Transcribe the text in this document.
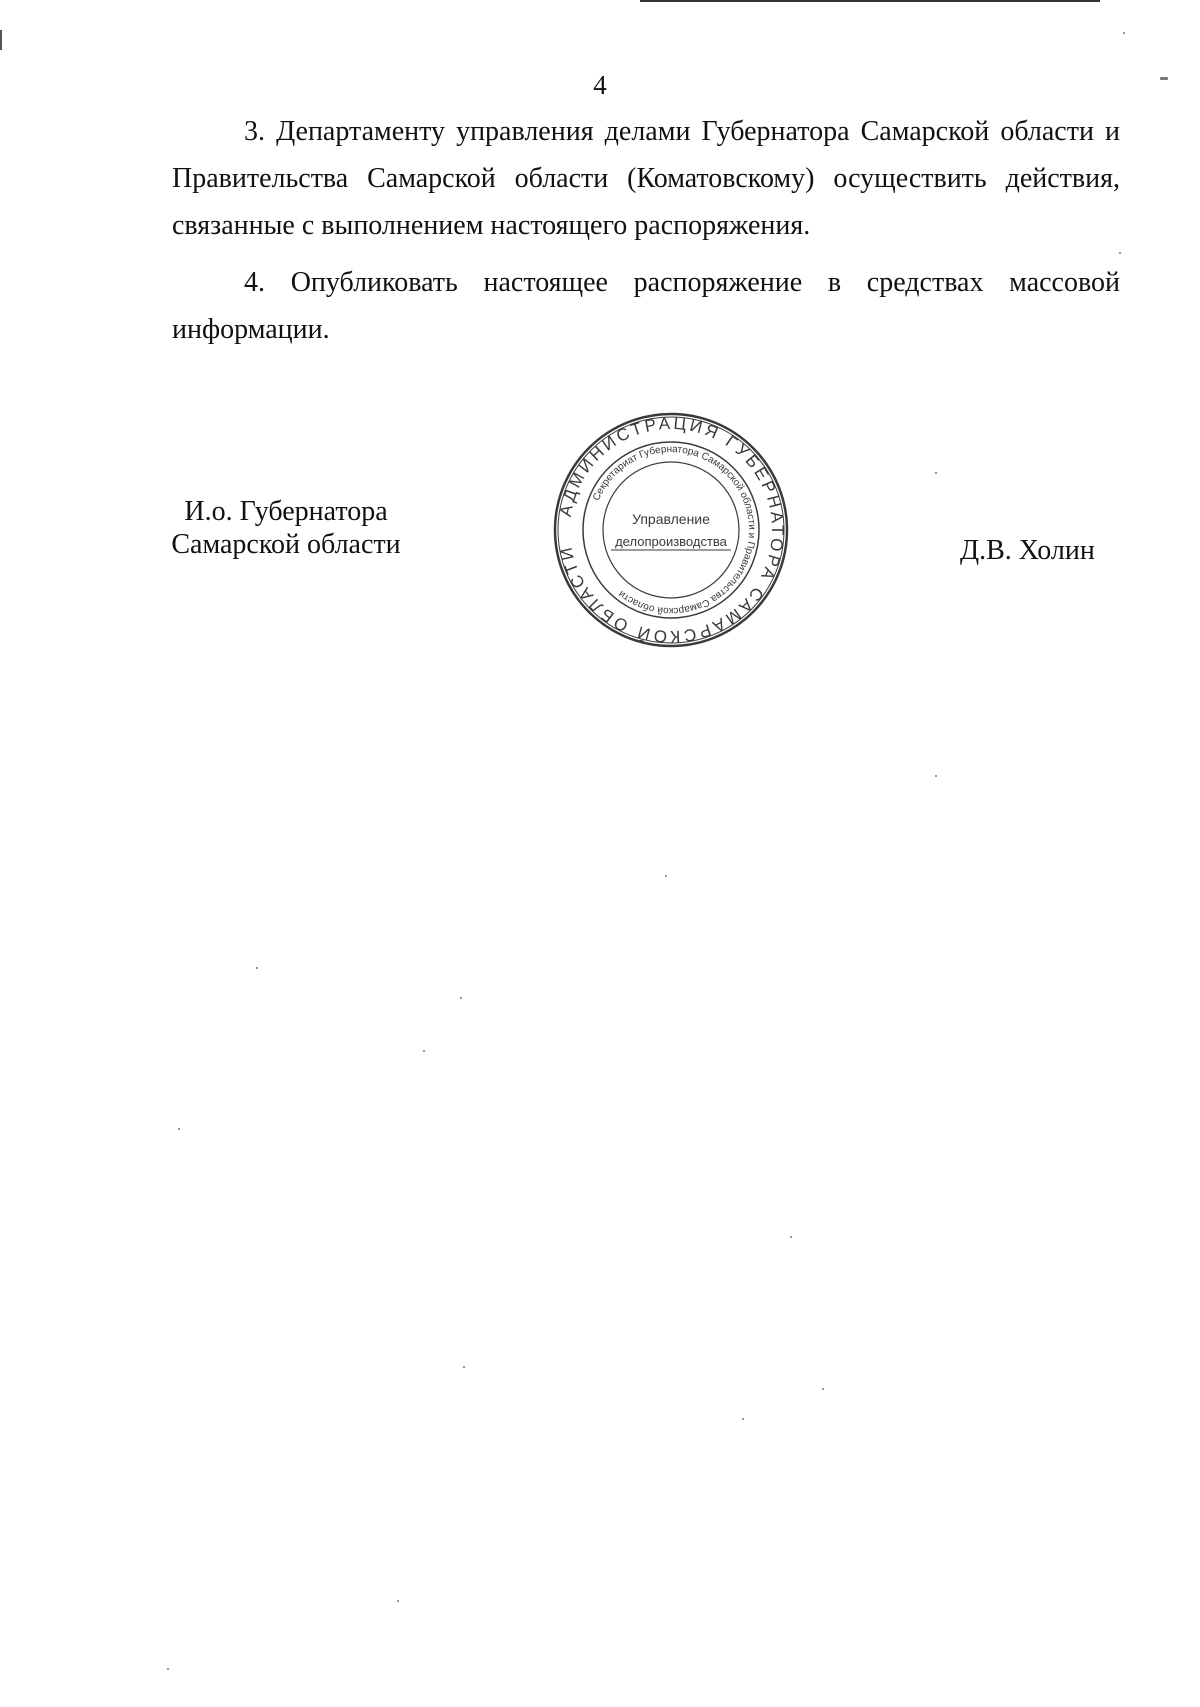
4

3. Департаменту управления делами Губернатора Самарской области и Правительства Самарской области (Коматовскому) осуществить действия, связанные с выполнением настоящего распоряжения.

4. Опубликовать настоящее распоряжение в средствах массовой информации.

И.о. Губернатора
Самарской области
АДМИНИСТРАЦИЯ ГУБЕРНАТОРА САМАРСКОЙ ОБЛАСТИ
Секретариат Губернатора Самарской области и Правительства Самарской области
Управление
делопроизводства	Д.В. Холин
